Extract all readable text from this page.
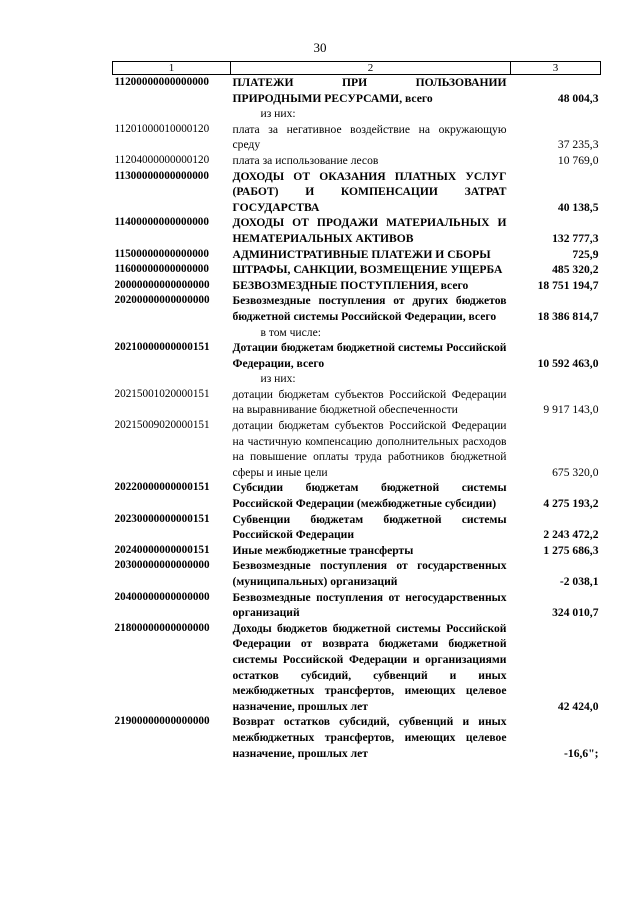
30
1	2	3
11200000000000000	ПЛАТЕЖИ ПРИ ПОЛЬЗОВАНИИ ПРИРОДНЫМИ РЕСУРСАМИ, всего	48 004,3
	из них:	
11201000010000120	плата за негативное воздействие на окружающую среду	37 235,3
11204000000000120	плата за использование лесов	10 769,0
11300000000000000	ДОХОДЫ ОТ ОКАЗАНИЯ ПЛАТНЫХ УСЛУГ (РАБОТ) И КОМПЕНСАЦИИ ЗАТРАТ ГОСУДАРСТВА	40 138,5
11400000000000000	ДОХОДЫ ОТ ПРОДАЖИ МАТЕРИАЛЬНЫХ И НЕМАТЕРИАЛЬНЫХ АКТИВОВ	132 777,3
11500000000000000	АДМИНИСТРАТИВНЫЕ ПЛАТЕЖИ И СБОРЫ	725,9
11600000000000000	ШТРАФЫ, САНКЦИИ, ВОЗМЕЩЕНИЕ УЩЕРБА	485 320,2
20000000000000000	БЕЗВОЗМЕЗДНЫЕ ПОСТУПЛЕНИЯ, всего	18 751 194,7
20200000000000000	Безвозмездные поступления от других бюджетов бюджетной системы Российской Федерации, всего	18 386 814,7
	в том числе:	
20210000000000151	Дотации бюджетам бюджетной системы Российской Федерации, всего	10 592 463,0
	из них:	
20215001020000151	дотации бюджетам субъектов Российской Федерации на выравнивание бюджетной обеспеченности	9 917 143,0
20215009020000151	дотации бюджетам субъектов Российской Федерации на частичную компенсацию дополнительных расходов на повышение оплаты труда работников бюджетной сферы и иные цели	675 320,0
20220000000000151	Субсидии бюджетам бюджетной системы Российской Федерации (межбюджетные субсидии)	4 275 193,2
20230000000000151	Субвенции бюджетам бюджетной системы Российской Федерации	2 243 472,2
20240000000000151	Иные межбюджетные трансферты	1 275 686,3
20300000000000000	Безвозмездные поступления от государственных (муниципальных) организаций	-2 038,1
20400000000000000	Безвозмездные поступления от негосударственных организаций	324 010,7
21800000000000000	Доходы бюджетов бюджетной системы Российской Федерации от возврата бюджетами бюджетной системы Российской Федерации и организациями остатков субсидий, субвенций и иных межбюджетных трансфертов, имеющих целевое назначение, прошлых лет	42 424,0
21900000000000000	Возврат остатков субсидий, субвенций и иных межбюджетных трансфертов, имеющих целевое назначение, прошлых лет	-16,6";
